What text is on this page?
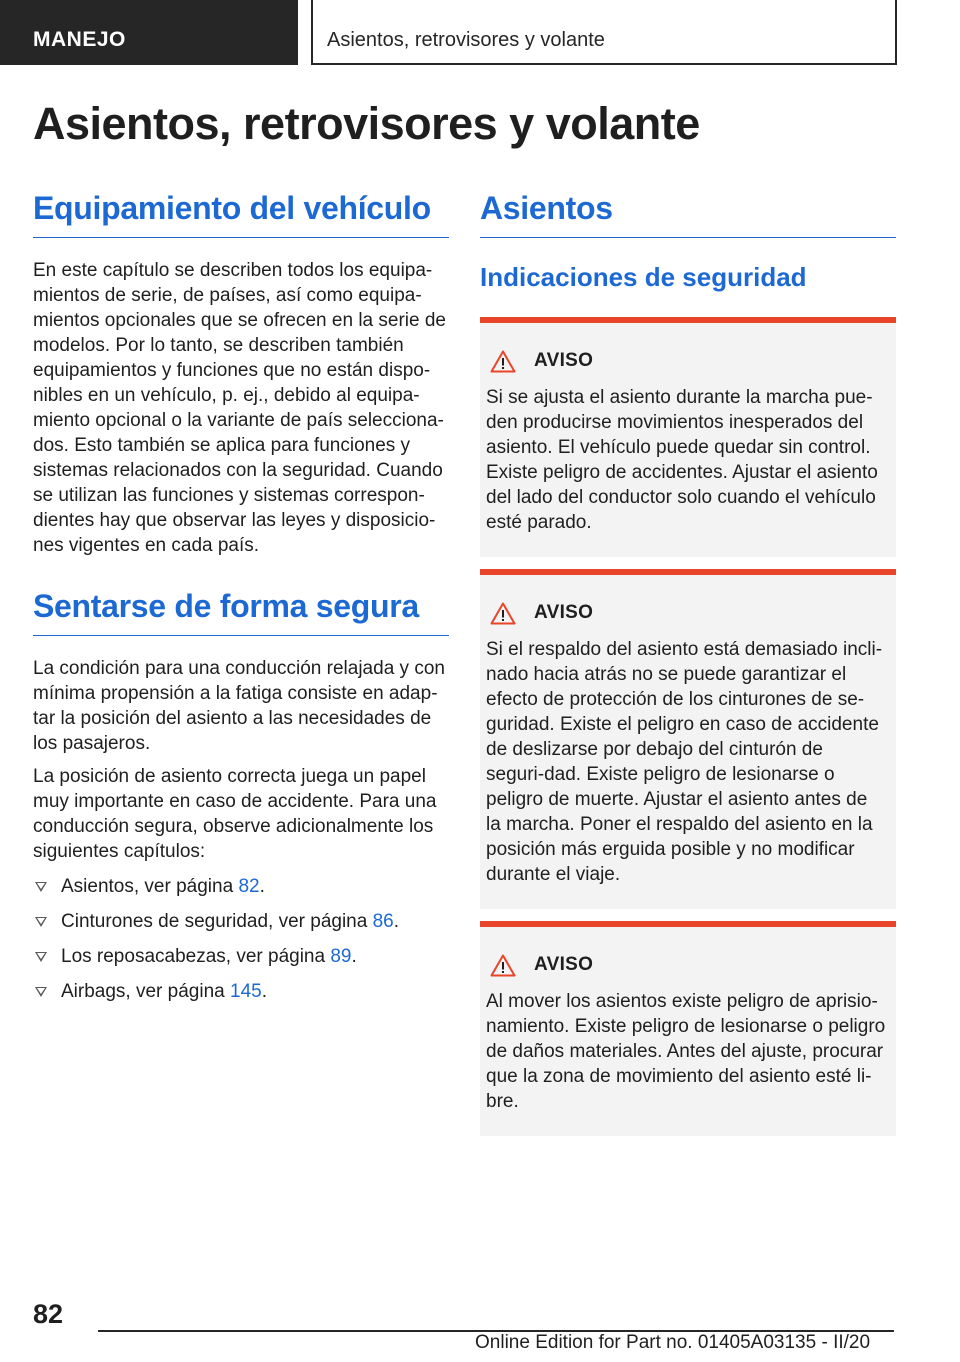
MANEJO	Asientos, retrovisores y volante
Asientos, retrovisores y volante
Equipamiento del vehículo

En este capítulo se describen todos los equipa‐mientos de serie, de países, así como equipa‐mientos opcionales que se ofrecen en la serie de modelos. Por lo tanto, se describen también equipamientos y funciones que no están dispo‐nibles en un vehículo, p. ej., debido al equipa‐miento opcional o la variante de país selecciona‐dos. Esto también se aplica para funciones y sistemas relacionados con la seguridad. Cuando se utilizan las funciones y sistemas correspon‐dientes hay que observar las leyes y disposicio‐nes vigentes en cada país.

Sentarse de forma segura

La condición para una conducción relajada y con mínima propensión a la fatiga consiste en adap‐tar la posición del asiento a las necesidades de los pasajeros.

La posición de asiento correcta juega un papel muy importante en caso de accidente. Para una conducción segura, observe adicionalmente los siguientes capítulos:

Asientos, ver página 82.
Cinturones de seguridad, ver página 86.
Los reposacabezas, ver página 89.
Airbags, ver página 145.
Asientos
Indicaciones de seguridad
AVISO

Si se ajusta el asiento durante la marcha pue‐den producirse movimientos inesperados del asiento. El vehículo puede quedar sin control. Existe peligro de accidentes. Ajustar el asiento del lado del conductor solo cuando el vehículo esté parado.

AVISO

Si el respaldo del asiento está demasiado incli‐nado hacia atrás no se puede garantizar el efecto de protección de los cinturones de se‐guridad. Existe el peligro en caso de accidente de deslizarse por debajo del cinturón de seguri‐dad. Existe peligro de lesionarse o peligro de muerte. Ajustar el asiento antes de la marcha. Poner el respaldo del asiento en la posición más erguida posible y no modificar durante el viaje.

AVISO

Al mover los asientos existe peligro de aprisio‐namiento. Existe peligro de lesionarse o peligro de daños materiales. Antes del ajuste, procurar que la zona de movimiento del asiento esté li‐bre.

82
Online Edition for Part no. 01405A03135 - II/20
